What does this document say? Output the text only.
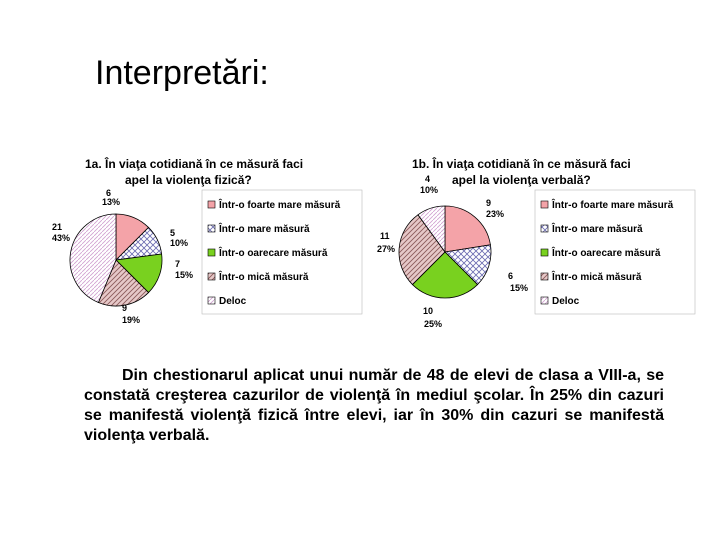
Interpretări:
1a. În viaţa cotidiană în ce măsură faci
apel la violenţa fizică?
6
13%
5
10%
7
15%
9
19%
21
43%
Într-o foarte mare măsură
Într-o mare măsură
Într-o oarecare măsură
Într-o mică măsură
Deloc
1b. În viaţa cotidiană în ce măsură faci
apel la violenţa verbală?
9
23%
6
15%
10
25%
11
27%
4
10%
Într-o foarte mare măsură
Într-o mare măsură
Într-o oarecare măsură
Într-o mică măsură
Deloc
Din chestionarul aplicat unui număr de 48 de elevi de clasa a VIII-a, se constată creşterea cazurilor de violenţă în mediul şcolar. În 25% din cazuri se manifestă violenţă fizică între elevi, iar în 30% din cazuri se manifestă violenţa verbală.
